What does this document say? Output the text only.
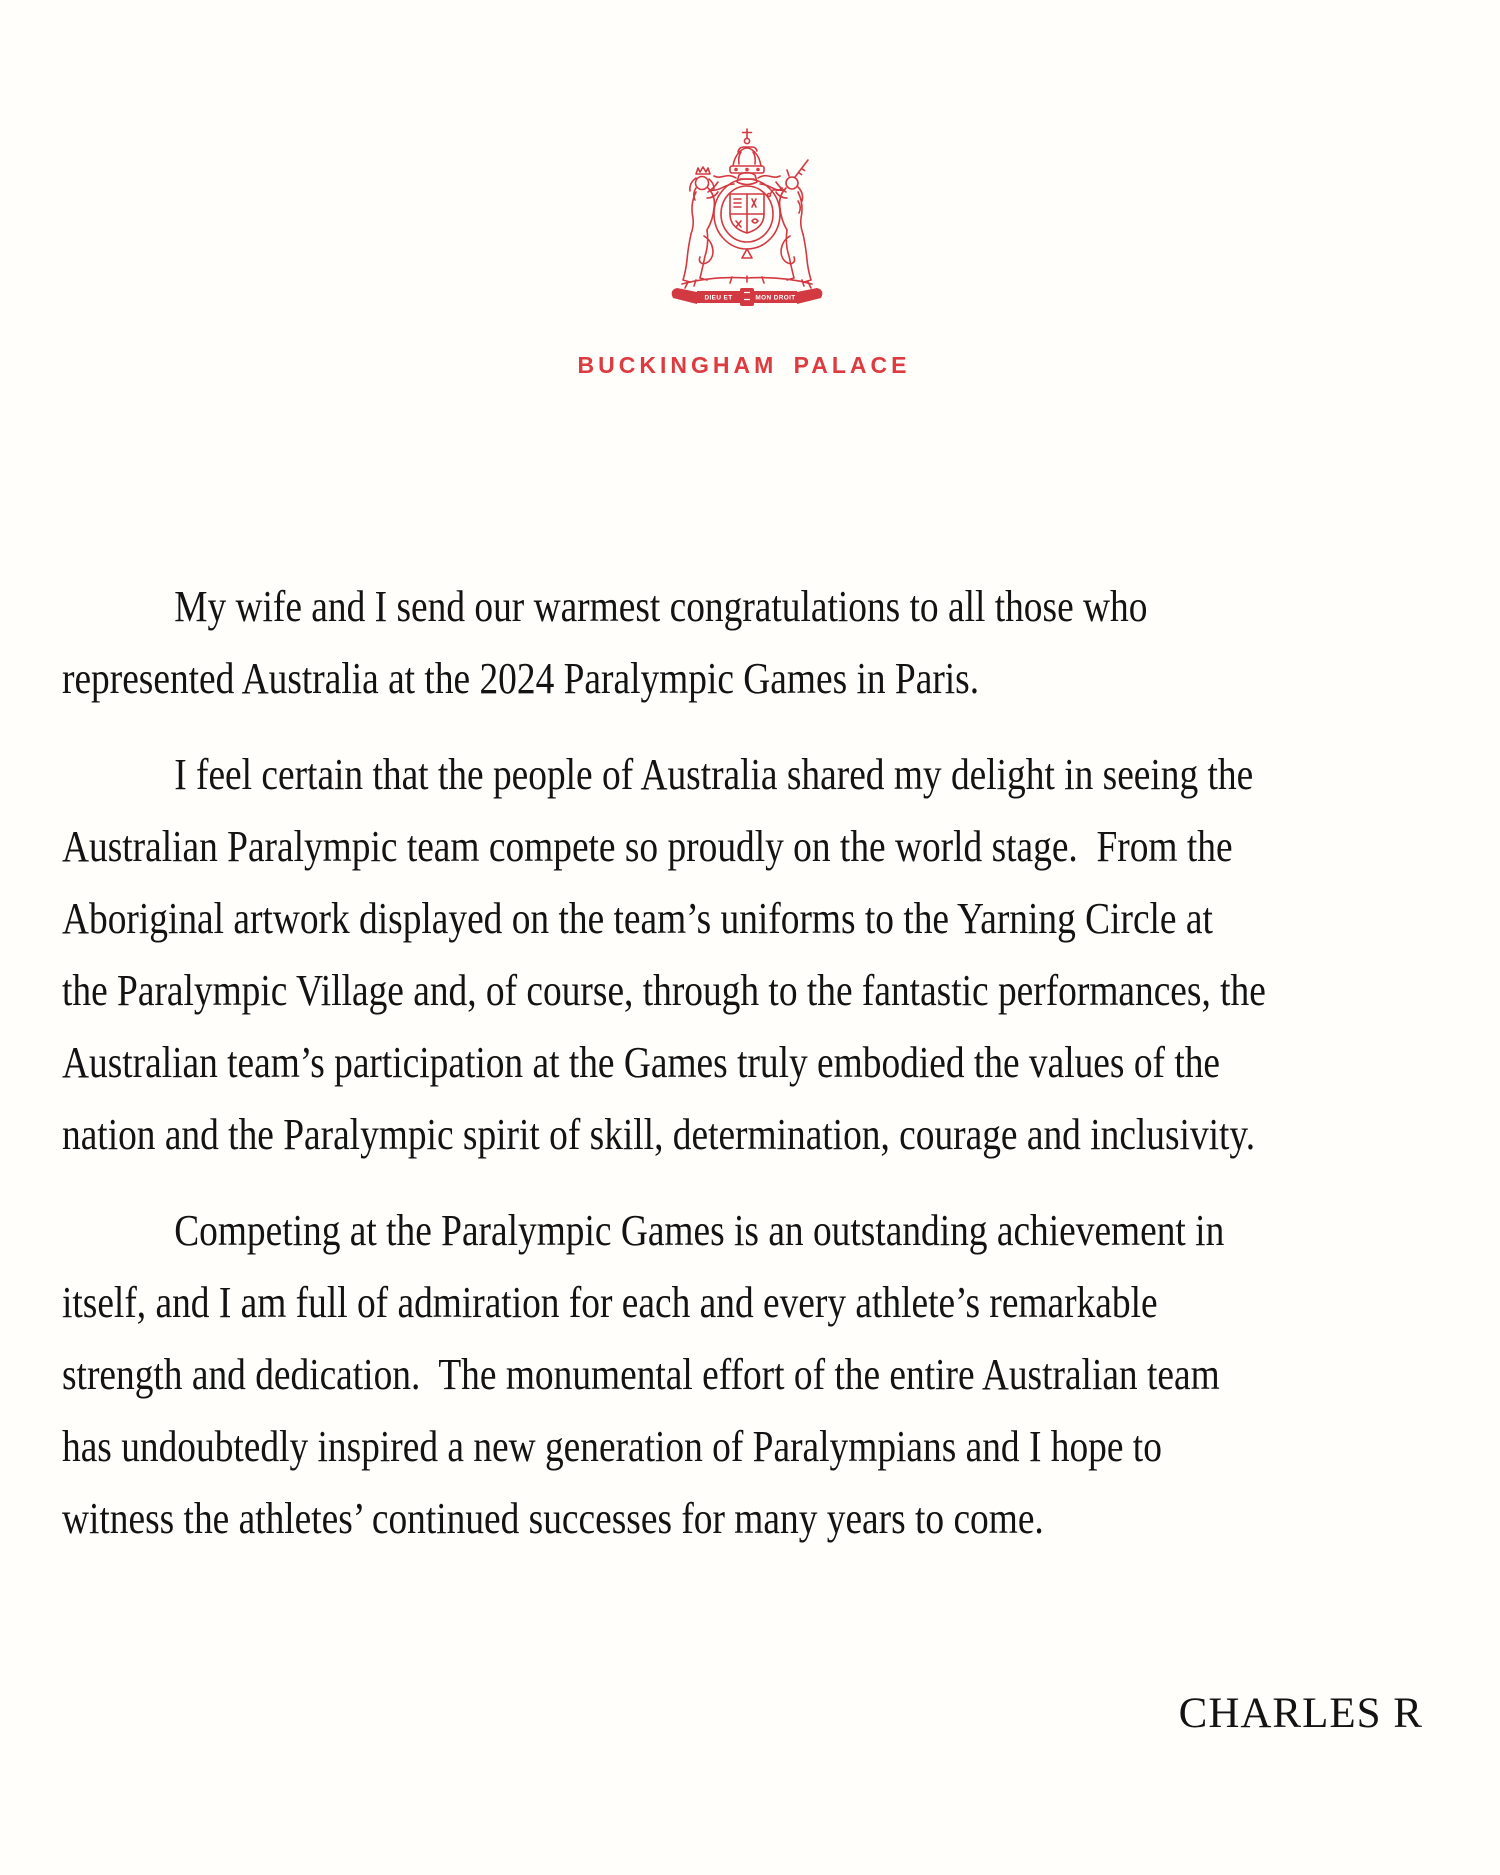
DIEU ET	MON DROIT
BUCKINGHAM PALACE
My wife and I send our warmest congratulations to all those who
represented Australia at the 2024 Paralympic Games in Paris.
I feel certain that the people of Australia shared my delight in seeing the
Australian Paralympic team compete so proudly on the world stage.  From the
Aboriginal artwork displayed on the team’s uniforms to the Yarning Circle at
the Paralympic Village and, of course, through to the fantastic performances, the
Australian team’s participation at the Games truly embodied the values of the
nation and the Paralympic spirit of skill, determination, courage and inclusivity.
Competing at the Paralympic Games is an outstanding achievement in
itself, and I am full of admiration for each and every athlete’s remarkable
strength and dedication.  The monumental effort of the entire Australian team
has undoubtedly inspired a new generation of Paralympians and I hope to
witness the athletes’ continued successes for many years to come.
CHARLES R
